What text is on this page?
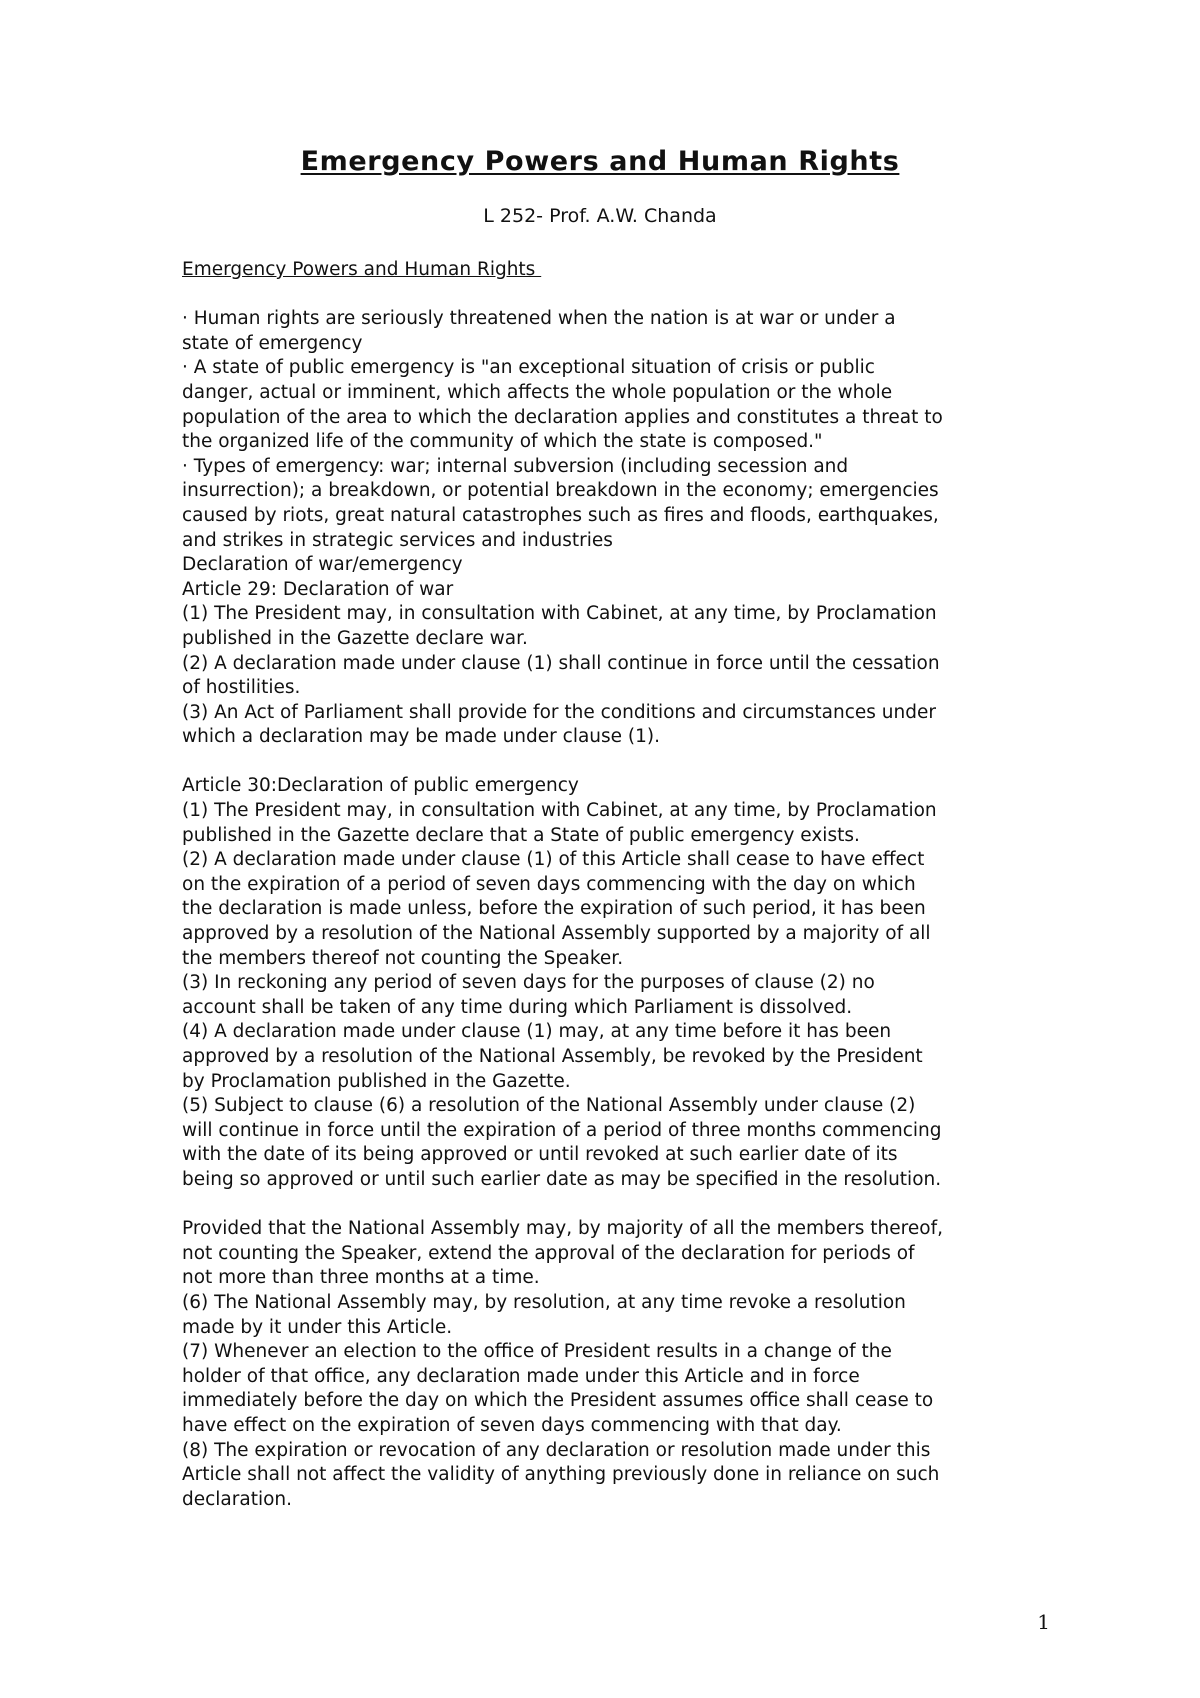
Emergency Powers and Human Rights

L 252- Prof. A.W. Chanda

Emergency Powers and Human Rights

· Human rights are seriously threatened when the nation is at war or under a

state of emergency

· A state of public emergency is "an exceptional situation of crisis or public

danger, actual or imminent, which affects the whole population or the whole

population of the area to which the declaration applies and constitutes a threat to

the organized life of the community of which the state is composed."

· Types of emergency: war; internal subversion (including secession and

insurrection); a breakdown, or potential breakdown in the economy; emergencies

caused by riots, great natural catastrophes such as fires and floods, earthquakes,

and strikes in strategic services and industries

Declaration of war/emergency

Article 29: Declaration of war

(1) The President may, in consultation with Cabinet, at any time, by Proclamation

published in the Gazette declare war.

(2) A declaration made under clause (1) shall continue in force until the cessation

of hostilities.

(3) An Act of Parliament shall provide for the conditions and circumstances under

which a declaration may be made under clause (1).

Article 30:Declaration of public emergency

(1) The President may, in consultation with Cabinet, at any time, by Proclamation

published in the Gazette declare that a State of public emergency exists.

(2) A declaration made under clause (1) of this Article shall cease to have effect

on the expiration of a period of seven days commencing with the day on which

the declaration is made unless, before the expiration of such period, it has been

approved by a resolution of the National Assembly supported by a majority of all

the members thereof not counting the Speaker.

(3) In reckoning any period of seven days for the purposes of clause (2) no

account shall be taken of any time during which Parliament is dissolved.

(4) A declaration made under clause (1) may, at any time before it has been

approved by a resolution of the National Assembly, be revoked by the President

by Proclamation published in the Gazette.

(5) Subject to clause (6) a resolution of the National Assembly under clause (2)

will continue in force until the expiration of a period of three months commencing

with the date of its being approved or until revoked at such earlier date of its

being so approved or until such earlier date as may be specified in the resolution.

Provided that the National Assembly may, by majority of all the members thereof,

not counting the Speaker, extend the approval of the declaration for periods of

not more than three months at a time.

(6) The National Assembly may, by resolution, at any time revoke a resolution

made by it under this Article.

(7) Whenever an election to the office of President results in a change of the

holder of that office, any declaration made under this Article and in force

immediately before the day on which the President assumes office shall cease to

have effect on the expiration of seven days commencing with that day.

(8) The expiration or revocation of any declaration or resolution made under this

Article shall not affect the validity of anything previously done in reliance on such

declaration.

1
